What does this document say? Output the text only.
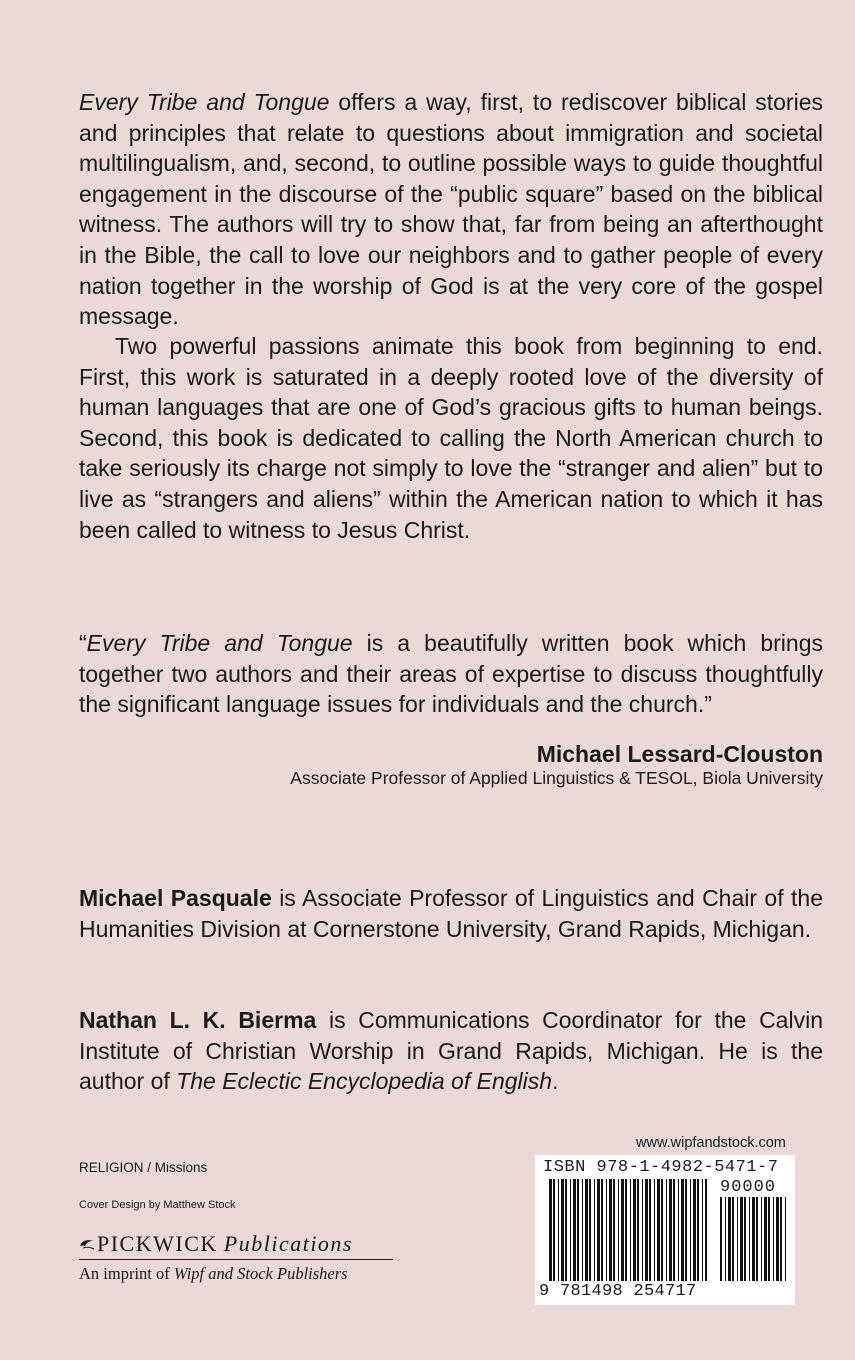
Every Tribe and Tongue offers a way, first, to rediscover biblical stories and principles that relate to questions about immigration and societal multilingualism, and, second, to outline possible ways to guide thoughtful engagement in the discourse of the “public square” based on the biblical witness. The authors will try to show that, far from being an afterthought in the Bible, the call to love our neighbors and to gather people of every nation together in the worship of God is at the very core of the gospel message.

Two powerful passions animate this book from beginning to end. First, this work is saturated in a deeply rooted love of the diversity of human languages that are one of God’s gracious gifts to human beings. Second, this book is dedicated to calling the North American church to take seriously its charge not simply to love the “stranger and alien” but to live as “strangers and aliens” within the American nation to which it has been called to witness to Jesus Christ.

“Every Tribe and Tongue is a beautifully written book which brings together two authors and their areas of expertise to discuss thoughtfully the significant language issues for individuals and the church.”

Michael Lessard-Clouston
Associate Professor of Applied Linguistics & TESOL, Biola University

Michael Pasquale is Associate Professor of Linguistics and Chair of the Humanities Division at Cornerstone University, Grand Rapids, Michigan.

Nathan L. K. Bierma is Communications Coordinator for the Calvin Institute of Christian Worship in Grand Rapids, Michigan. He is the author of The Eclectic Encyclopedia of English.

RELIGION / Missions
Cover Design by Matthew Stock
PICKWICK Publications
An imprint of Wipf and Stock Publishers
www.wipfandstock.com
ISBN 978-1-4982-5471-7
90000
9 781498 254717
